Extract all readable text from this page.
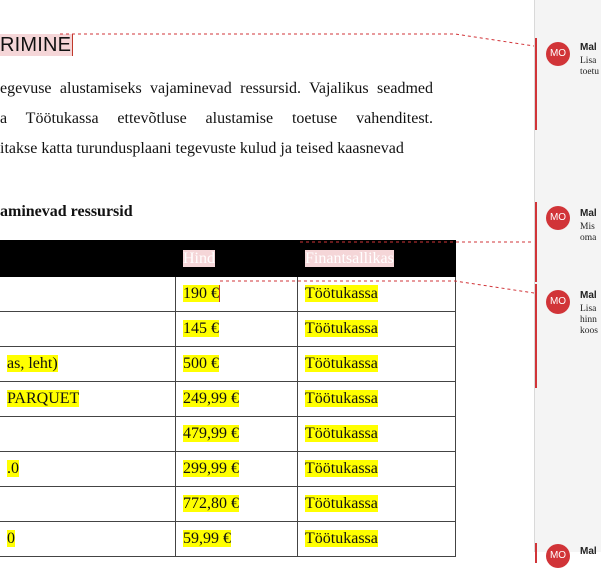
RIMINE
egevuse alustamiseks vajaminevad ressursid. Vajalikus seadmed
a Töötukassa ettevõtluse alustamise toetuse vahenditest.
itakse katta turundusplaani tegevuste kulud ja teised kaasnevad
aminevad ressursid
	Hind	Finantsallikas
	190 €	Töötukassa
	145 €	Töötukassa
as, leht)	500 €	Töötukassa
PARQUET	249,99 €	Töötukassa
	479,99 €	Töötukassa
.0	299,99 €	Töötukassa
	772,80 €	Töötukassa
0	59,99 €	Töötukassa
MO
Mal
Lisa
toetu
MO	Mal
Mis
oma
MO
Mal
Lisa
hinn
koos
MO	Mal
